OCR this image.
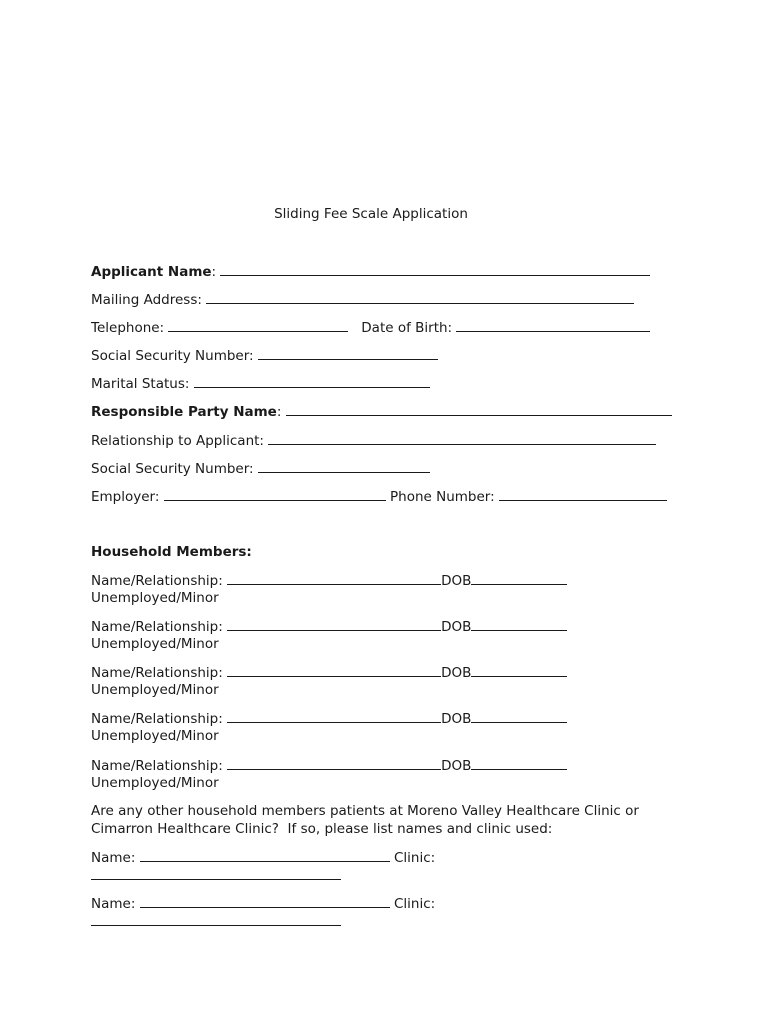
Sliding Fee Scale Application
Applicant Name:
Mailing Address:
Telephone:	Date of Birth:
Social Security Number:
Marital Status:
Responsible Party Name:
Relationship to Applicant:
Social Security Number:
Employer:	Phone Number:
Household Members:
Name/Relationship:	DOB
Unemployed/Minor
Name/Relationship:	DOB
Unemployed/Minor
Name/Relationship:	DOB
Unemployed/Minor
Name/Relationship:	DOB
Unemployed/Minor
Name/Relationship:	DOB
Unemployed/Minor
Are any other household members patients at Moreno Valley Healthcare Clinic or
Cimarron Healthcare Clinic?  If so, please list names and clinic used:
Name:	Clinic:
Name:	Clinic:
